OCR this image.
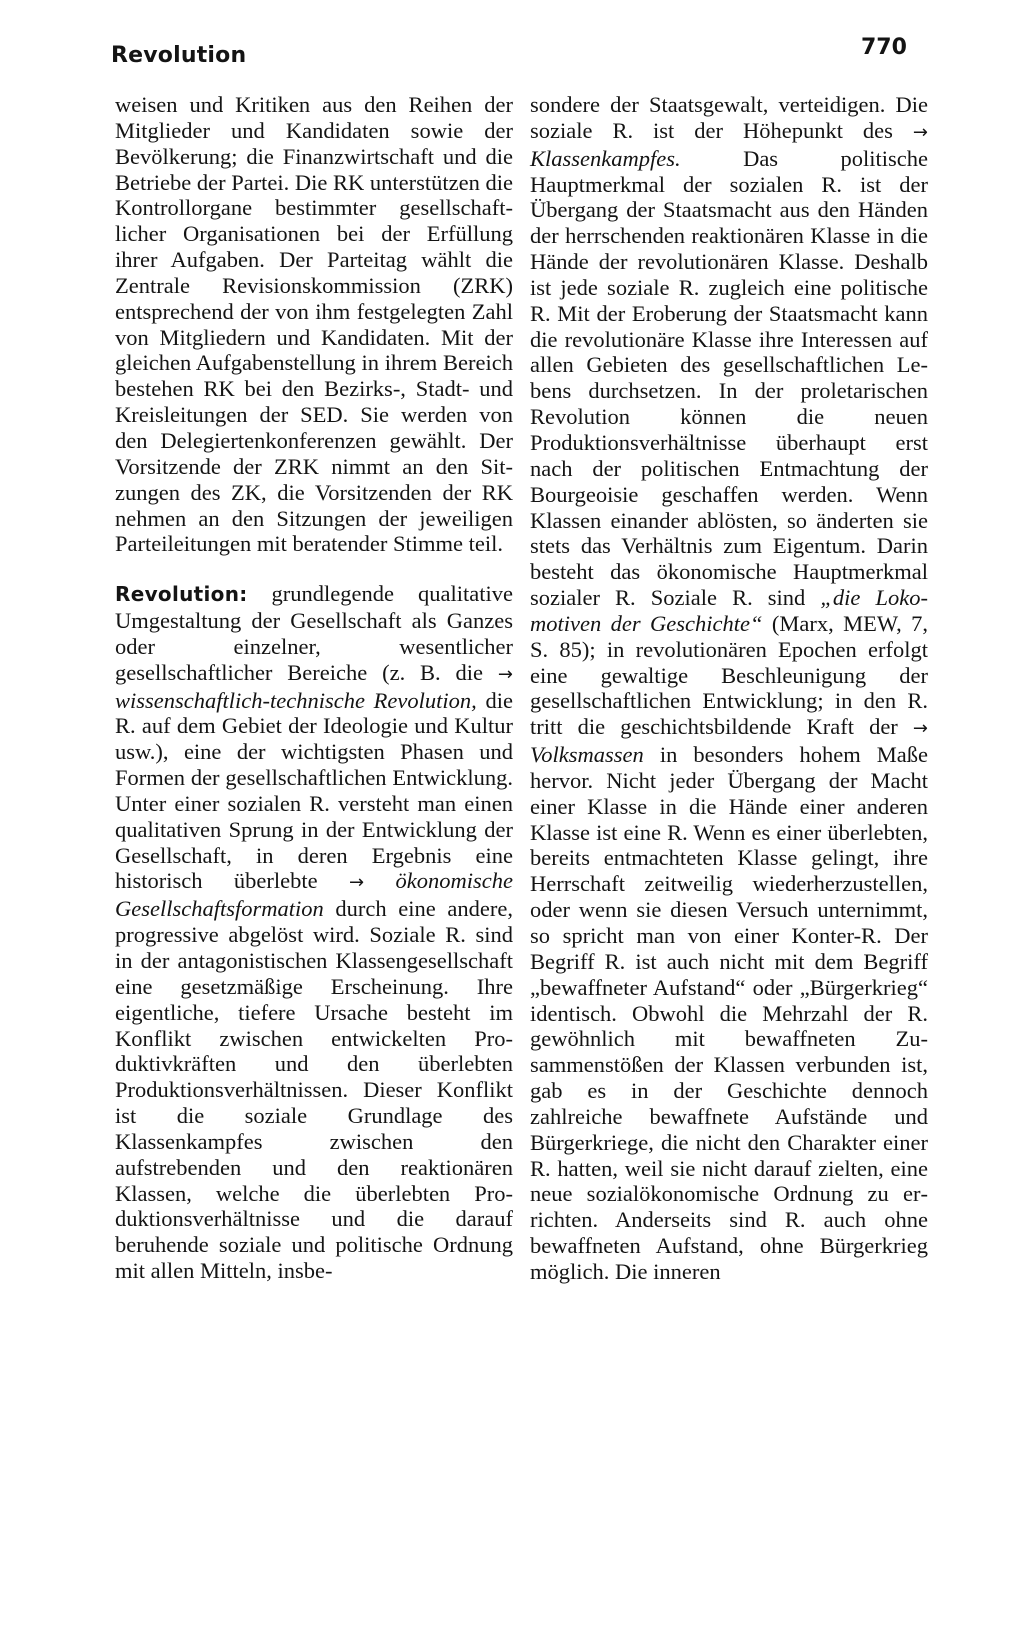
Revolution	770

weisen und Kritiken aus den Reihen der Mitglieder und Kandidaten sowie der Bevölkerung; die Finanzwirtschaft und die Betriebe der Partei. Die RK unterstützen die Kontrollorgane bestimmter gesellschaftlicher Organisationen bei der Erfüllung ihrer Aufgaben. Der Parteitag wählt die Zentrale Revisionskommission (ZRK) entsprechend der von ihm festgelegten Zahl von Mitgliedern und Kandidaten. Mit der gleichen Aufgabenstellung in ihrem Bereich bestehen RK bei den Bezirks-, Stadt- und Kreisleitungen der SED. Sie werden von den Delegiertenkonferenzen gewählt. Der Vorsitzende der ZRK nimmt an den Sitzungen des ZK, die Vorsitzenden der RK nehmen an den Sitzungen der jeweiligen Parteileitungen mit beratender Stimme teil.

Revolution: grundlegende qualitative Umgestaltung der Gesellschaft als Ganzes oder einzelner, wesentlicher gesellschaftlicher Bereiche (z. B. die → wissenschaftlich-technische Revolution, die R. auf dem Gebiet der Ideologie und Kultur usw.), eine der wichtigsten Phasen und Formen der gesellschaftlichen Entwicklung. Unter einer sozialen R. versteht man einen qualitativen Sprung in der Entwicklung der Gesellschaft, in deren Ergebnis eine historisch überlebte → ökonomische Gesellschaftsformation durch eine andere, progressive abgelöst wird. Soziale R. sind in der antagonistischen Klassengesellschaft eine gesetzmäßige Erscheinung. Ihre eigentliche, tiefere Ursache besteht im Konflikt zwischen entwickelten Produktivkräften und den überlebten Produktionsverhältnissen. Dieser Konflikt ist die soziale Grundlage des Klassenkampfes zwischen den aufstrebenden und den reaktionären Klassen, welche die überlebten Produktionsverhältnisse und die darauf beruhende soziale und politische Ordnung mit allen Mitteln, insbe-

sondere der Staatsgewalt, verteidigen. Die soziale R. ist der Höhepunkt des → Klassenkampfes. Das politische Hauptmerkmal der sozialen R. ist der Übergang der Staatsmacht aus den Händen der herrschenden reaktionären Klasse in die Hände der revolutionären Klasse. Deshalb ist jede soziale R. zugleich eine politische R. Mit der Eroberung der Staatsmacht kann die revolutionäre Klasse ihre Interessen auf allen Gebieten des gesellschaftlichen Lebens durchsetzen. In der proletarischen Revolution können die neuen Produktionsverhältnisse überhaupt erst nach der politischen Entmachtung der Bourgeoisie geschaffen werden. Wenn Klassen einander ablösten, so änderten sie stets das Verhältnis zum Eigentum. Darin besteht das ökonomische Hauptmerkmal sozialer R. Soziale R. sind „die Lokomotiven der Geschichte“ (Marx, MEW, 7, S. 85); in revolutionären Epochen erfolgt eine gewaltige Beschleunigung der gesellschaftlichen Entwicklung; in den R. tritt die geschichtsbildende Kraft der → Volksmassen in besonders hohem Maße hervor. Nicht jeder Übergang der Macht einer Klasse in die Hände einer anderen Klasse ist eine R. Wenn es einer überlebten, bereits entmachteten Klasse gelingt, ihre Herrschaft zeitweilig wiederherzustellen, oder wenn sie diesen Versuch unternimmt, so spricht man von einer Konter-R. Der Begriff R. ist auch nicht mit dem Begriff „bewaffneter Aufstand“ oder „Bürgerkrieg“ identisch. Obwohl die Mehrzahl der R. gewöhnlich mit bewaffneten Zusammenstößen der Klassen verbunden ist, gab es in der Geschichte dennoch zahlreiche bewaffnete Aufstände und Bürgerkriege, die nicht den Charakter einer R. hatten, weil sie nicht darauf zielten, eine neue sozialökonomische Ordnung zu errichten. Anderseits sind R. auch ohne bewaffneten Aufstand, ohne Bürgerkrieg möglich. Die inneren
